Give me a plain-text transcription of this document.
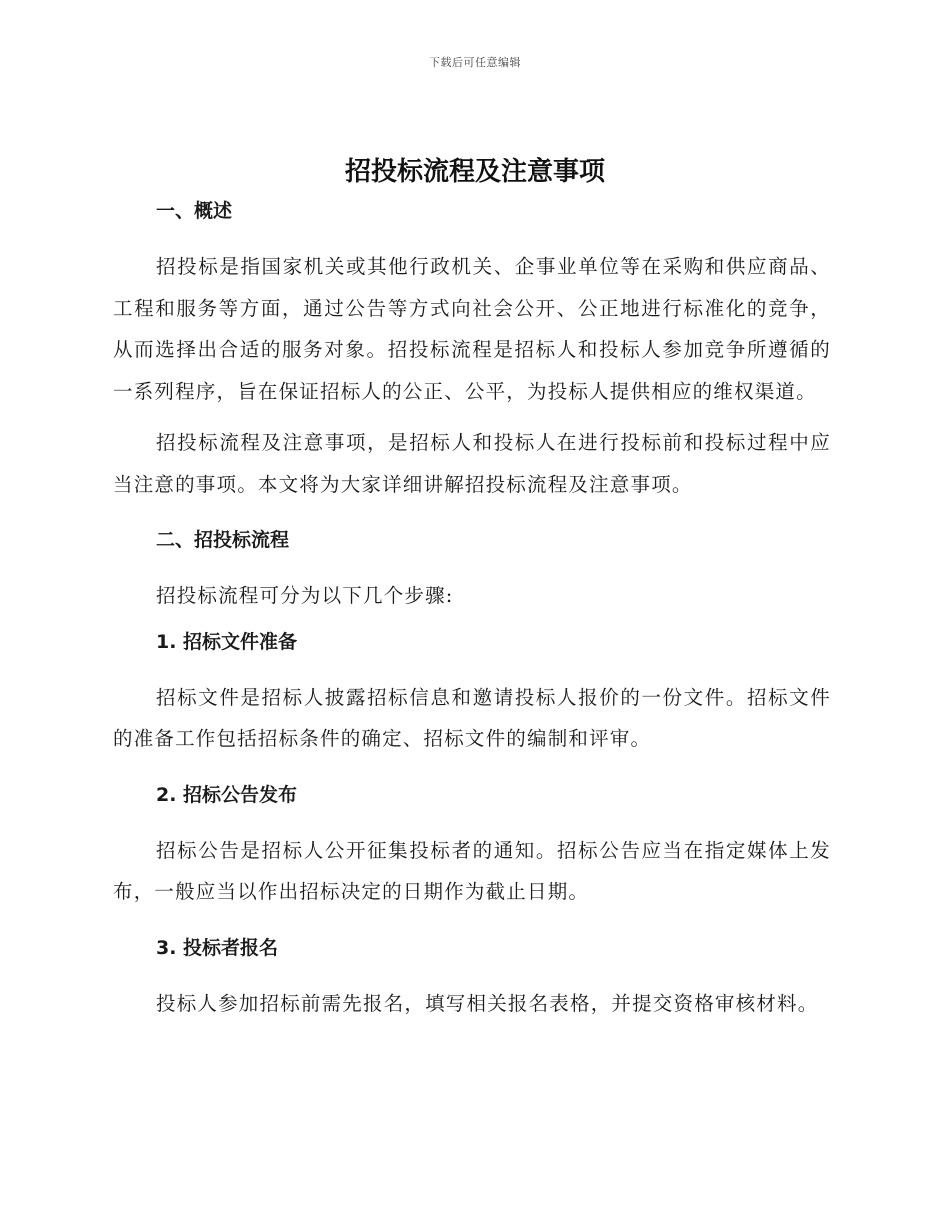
下载后可任意编辑
招投标流程及注意事项
一、概述

招投标是指国家机关或其他行政机关、企事业单位等在采购和供应商品、工程和服务等方面，通过公告等方式向社会公开、公正地进行标准化的竞争，从而选择出合适的服务对象。招投标流程是招标人和投标人参加竞争所遵循的一系列程序，旨在保证招标人的公正、公平，为投标人提供相应的维权渠道。

招投标流程及注意事项，是招标人和投标人在进行投标前和投标过程中应当注意的事项。本文将为大家详细讲解招投标流程及注意事项。

二、招投标流程

招投标流程可分为以下几个步骤:

1. 招标文件准备

招标文件是招标人披露招标信息和邀请投标人报价的一份文件。招标文件的准备工作包括招标条件的确定、招标文件的编制和评审。

2. 招标公告发布

招标公告是招标人公开征集投标者的通知。招标公告应当在指定媒体上发布，一般应当以作出招标决定的日期作为截止日期。

3. 投标者报名

投标人参加招标前需先报名，填写相关报名表格，并提交资格审核材料。
